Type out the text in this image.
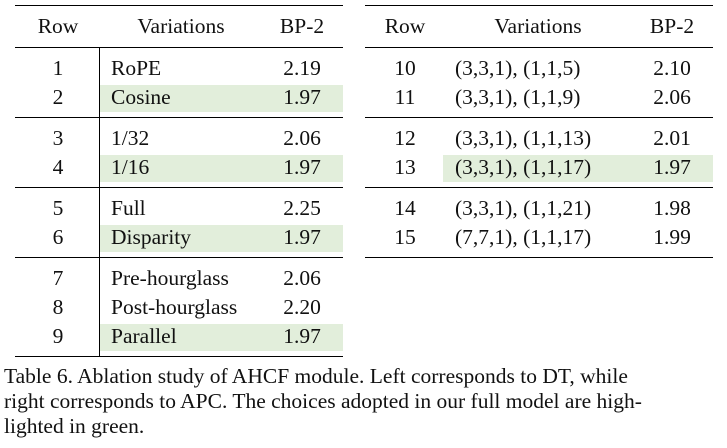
Row	Variations	BP-2
1	RoPE	2.19
2	Cosine	1.97
3	1/32	2.06
4	1/16	1.97
5	Full	2.25
6	Disparity	1.97
7	Pre-hourglass	2.06
8	Post-hourglass	2.20
9	Parallel	1.97
Row	Variations	BP-2
10	(3,3,1), (1,1,5)	2.10
11	(3,3,1), (1,1,9)	2.06
12	(3,3,1), (1,1,13)	2.01
13	(3,3,1), (1,1,17)	1.97
14	(3,3,1), (1,1,21)	1.98
15	(7,7,1), (1,1,17)	1.99
Table 6. Ablation study of AHCF module. Left corresponds to DT, while
right corresponds to APC. The choices adopted in our full model are high-
lighted in green.
